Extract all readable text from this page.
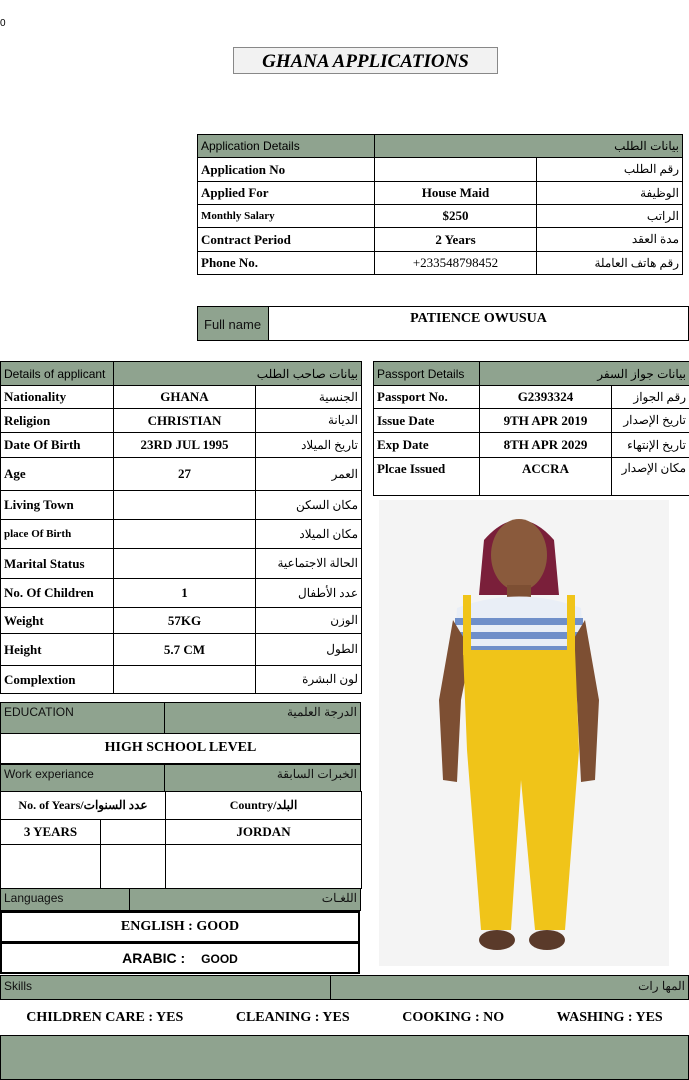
0
GHANA APPLICATIONS
Application Details	بيانات الطلب	
Application No		رقم الطلب
Applied For	House Maid	الوظيفة
Monthly Salary	$250	الراتب
Contract Period	2 Years	مدة العقد
Phone No.	+233548798452	رقم هاتف العاملة
Full name	PATIENCE OWUSUA
Details of applicant	بيانات صاحب الطلب	
Nationality	GHANA	الجنسية
Religion	CHRISTIAN	الديانة
Date Of Birth	23RD JUL 1995	تاريخ الميلاد
Age	27	العمر
Living Town		مكان السكن
place Of Birth		مكان الميلاد
Marital Status		الحالة الاجتماعية
No. Of Children	1	عدد الأطفال
Weight	57KG	الوزن
Height	5.7 CM	الطول
Complextion		لون البشرة
Passport Details	بيانات جواز السفر	
Passport No.	G2393324	رقم الجواز
Issue Date	9TH APR 2019	تاريخ الإصدار
Exp Date	8TH APR 2029	تاريخ الإنتهاء
Plcae Issued	ACCRA	مكان الإصدار
EDUCATION	الدرجة العلمية
HIGH SCHOOL LEVEL
Work experiance	الخبرات السابقة
No. of Years/عدد السنوات		Country/البلد
3 YEARS		JORDAN

Languages	اللغـات
ENGLISH : GOOD
ARABIC : GOOD
Skills	المها رات
CHILDREN CARE : YES	CLEANING : YES	COOKING : NO	WASHING : YES
